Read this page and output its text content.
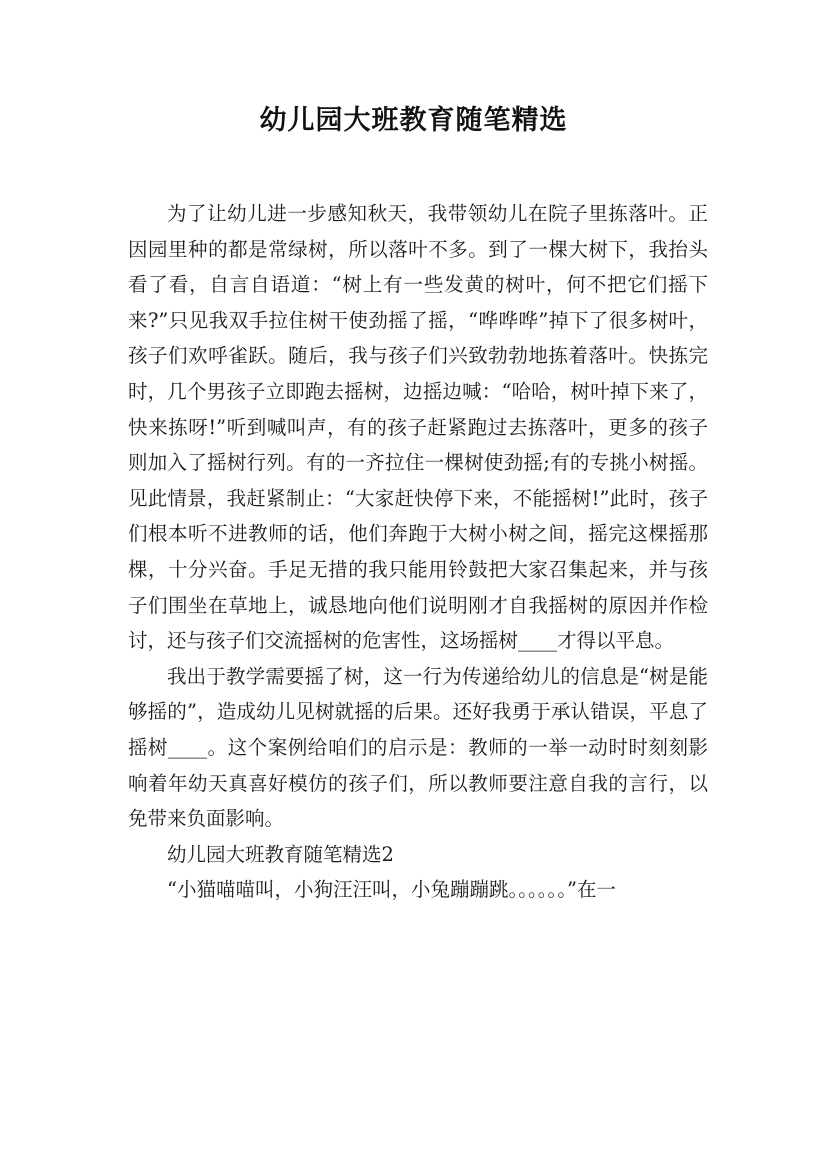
幼儿园大班教育随笔精选

为了让幼儿进一步感知秋天，我带领幼儿在院子里拣落叶。正因园里种的都是常绿树，所以落叶不多。到了一棵大树下，我抬头看了看，自言自语道：“树上有一些发黄的树叶，何不把它们摇下来?”只见我双手拉住树干使劲摇了摇，“哗哗哗”掉下了很多树叶，孩子们欢呼雀跃。随后，我与孩子们兴致勃勃地拣着落叶。快拣完时，几个男孩子立即跑去摇树，边摇边喊：“哈哈，树叶掉下来了，快来拣呀!”听到喊叫声，有的孩子赶紧跑过去拣落叶，更多的孩子则加入了摇树行列。有的一齐拉住一棵树使劲摇;有的专挑小树摇。见此情景，我赶紧制止：“大家赶快停下来，不能摇树!”此时，孩子们根本听不进教师的话，他们奔跑于大树小树之间，摇完这棵摇那棵，十分兴奋。手足无措的我只能用铃鼓把大家召集起来，并与孩子们围坐在草地上，诚恳地向他们说明刚才自我摇树的原因并作检讨，还与孩子们交流摇树的危害性，这场摇树____才得以平息。

我出于教学需要摇了树，这一行为传递给幼儿的信息是“树是能够摇的”，造成幼儿见树就摇的后果。还好我勇于承认错误，平息了摇树____。这个案例给咱们的启示是：教师的一举一动时时刻刻影响着年幼天真喜好模仿的孩子们，所以教师要注意自我的言行，以免带来负面影响。

幼儿园大班教育随笔精选2

“小猫喵喵叫，小狗汪汪叫，小兔蹦蹦跳。。。。。。”在一
